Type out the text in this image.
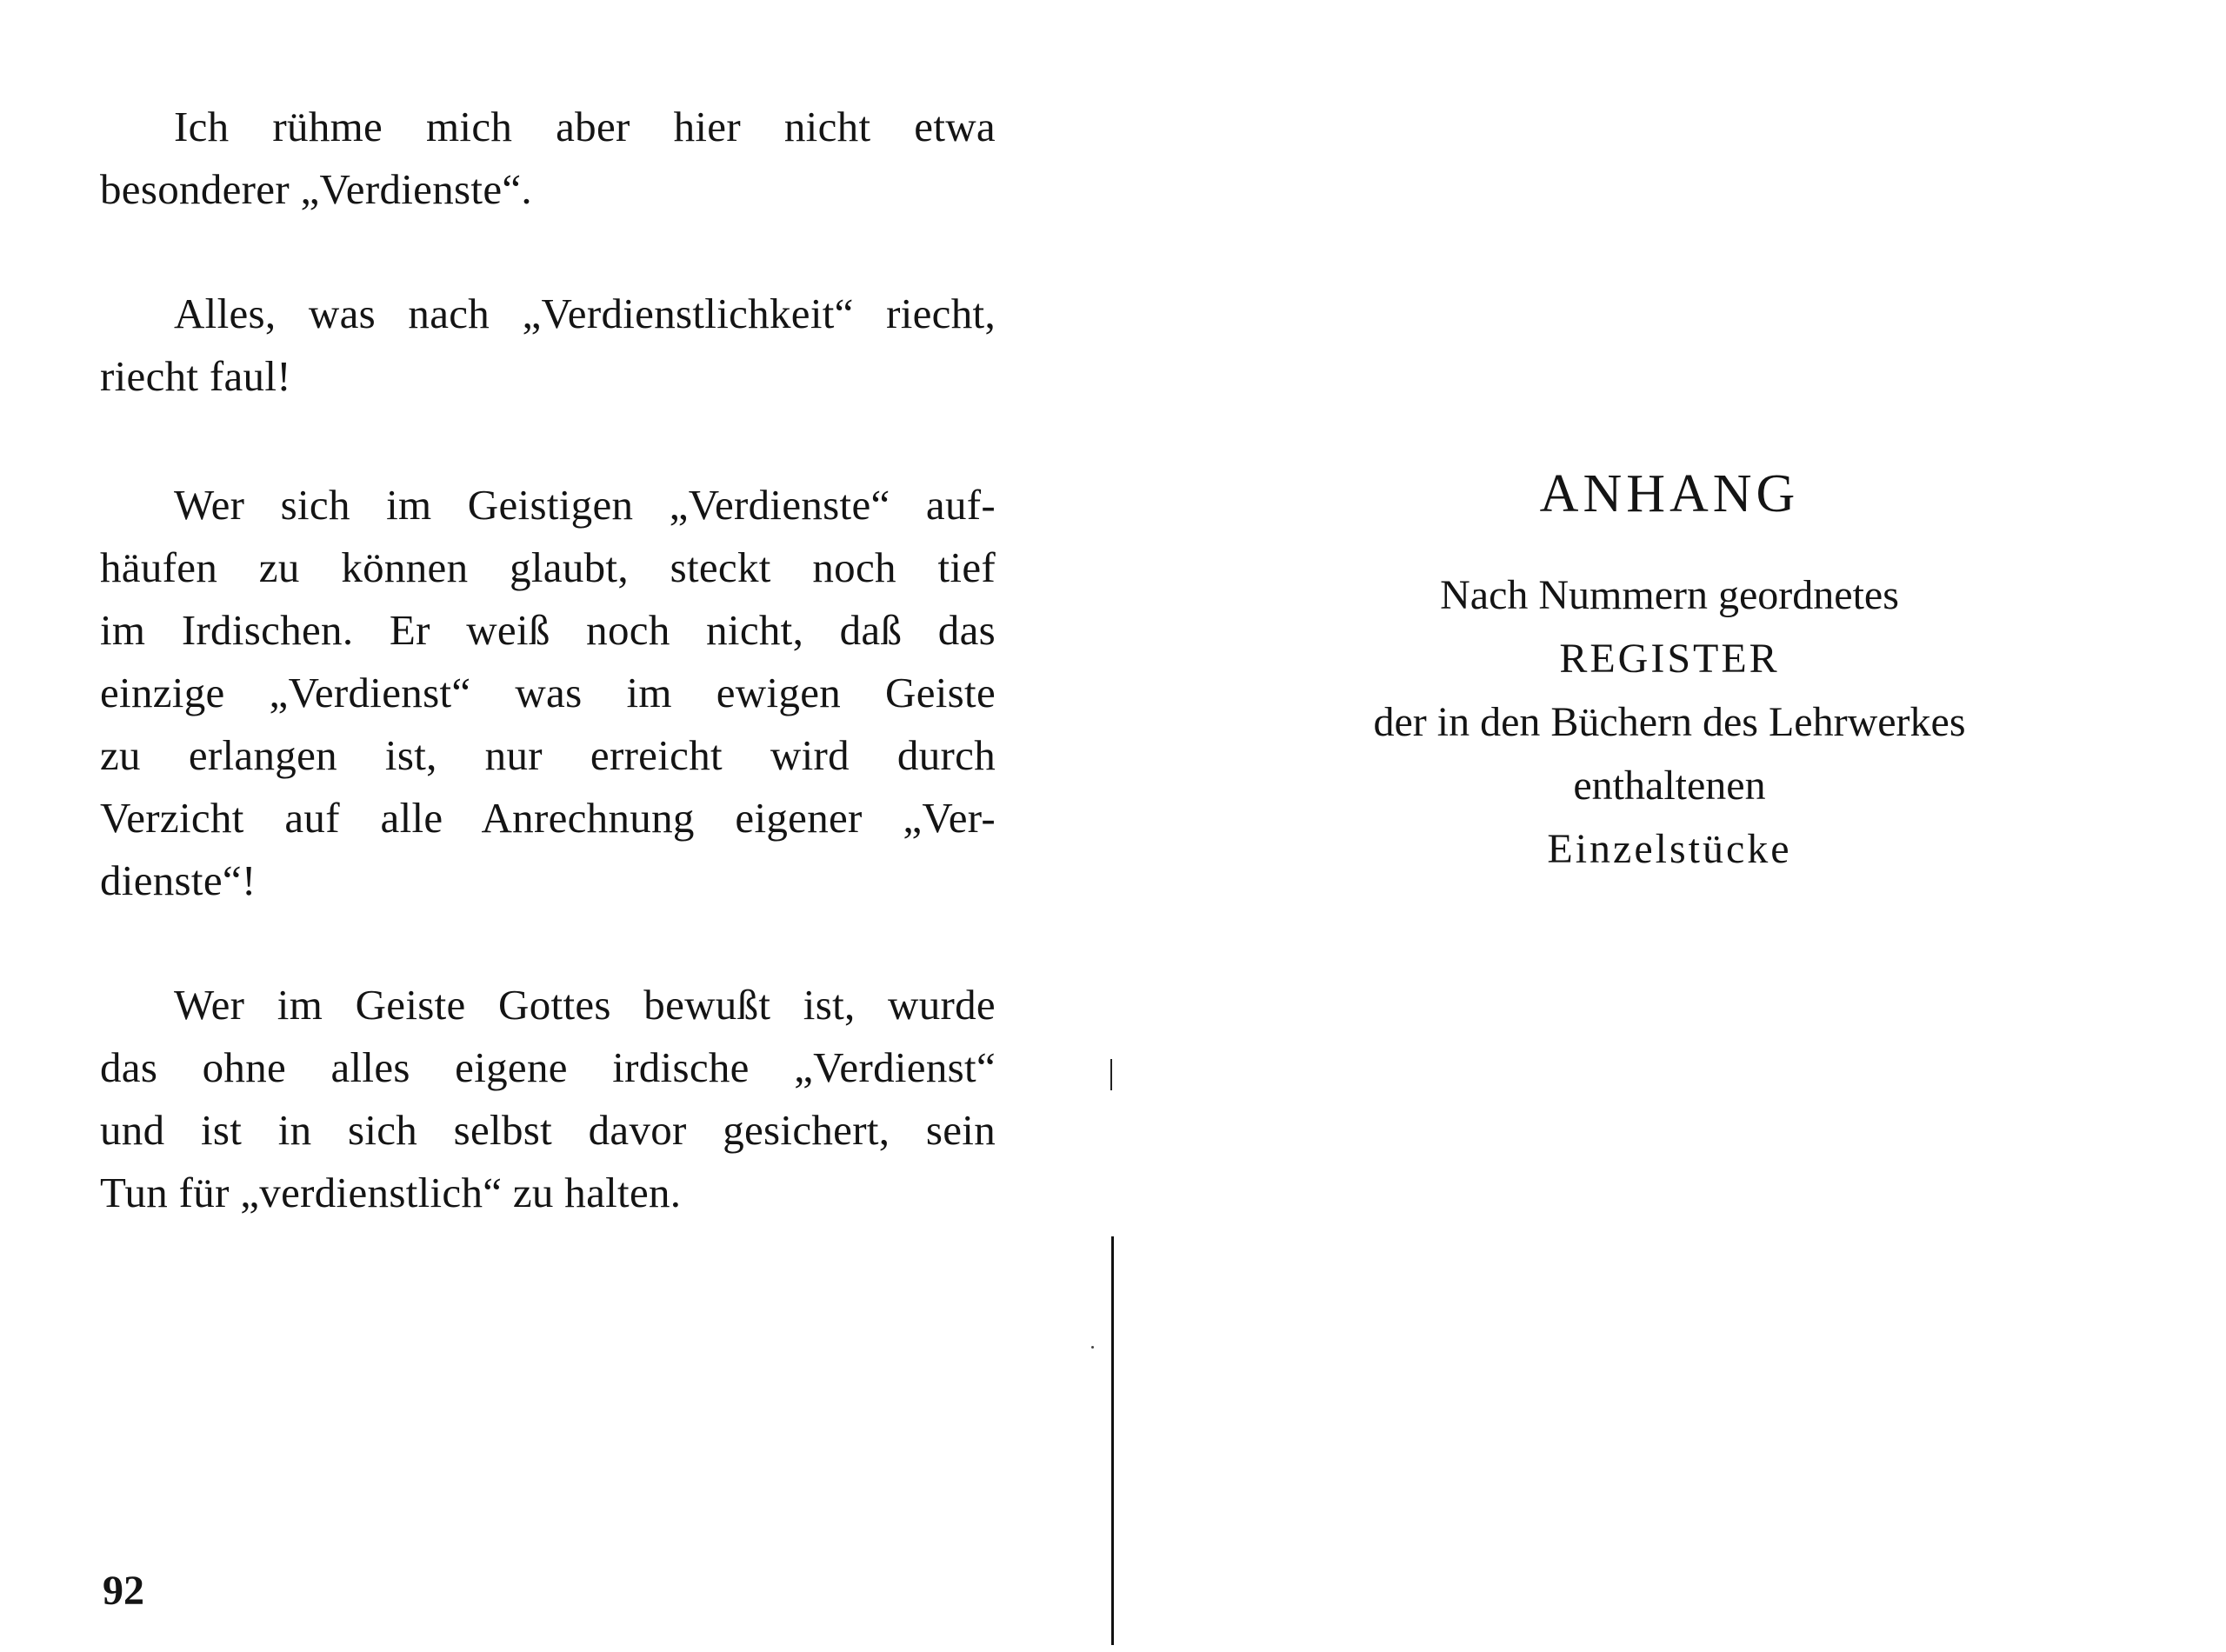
Ich rühme mich aber hier nicht etwa
besonderer „Verdienste“.

Alles, was nach „Verdienstlichkeit“ riecht,
riecht faul!

Wer sich im Geistigen „Verdienste“ auf-
häufen zu können glaubt, steckt noch tief
im Irdischen. Er weiß noch nicht, daß das
einzige „Verdienst“ was im ewigen Geiste
zu erlangen ist, nur erreicht wird durch
Verzicht auf alle Anrechnung eigener „Ver-
dienste“!

Wer im Geiste Gottes bewußt ist, wurde
das ohne alles eigene irdische „Verdienst“
und ist in sich selbst davor gesichert, sein
Tun für „verdienstlich“ zu halten.

92
ANHANG
Nach Nummern geordnetes
REGISTER
der in den Büchern des Lehrwerkes
enthaltenen
Einzelstücke
